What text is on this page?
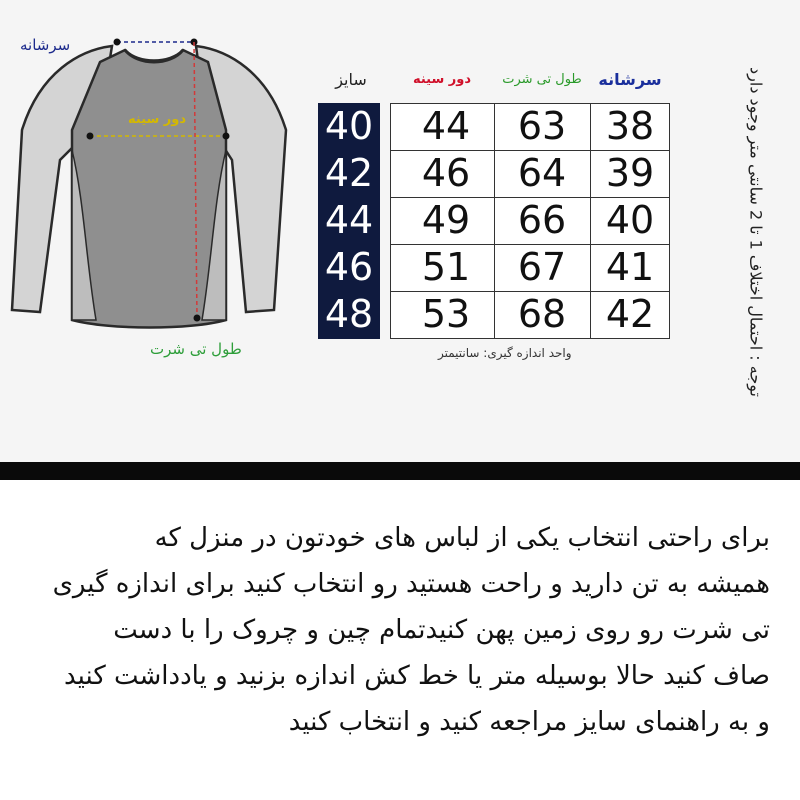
سرشانه
دور سینه
طول تی شرت
سایز	دور سینه	طول تی شرت	سرشانه
40	44	63	38
42	46	64	39
44	49	66	40
46	51	67	41
48	53	68	42
واحد اندازه گیری: سانتیمتر
توجه : احتمال اختلاف 1 تا 2 سانتی متر وجود دارد
برای راحتی انتخاب یکی از لباس های خودتون در منزل که
همیشه به تن دارید و راحت هستید رو انتخاب کنید برای اندازه گیری
تی شرت رو روی زمین پهن کنیدتمام چین و چروک را با دست
صاف کنید حالا بوسیله متر یا خط کش اندازه بزنید و یادداشت کنید
و به راهنمای سایز مراجعه کنید و انتخاب کنید
